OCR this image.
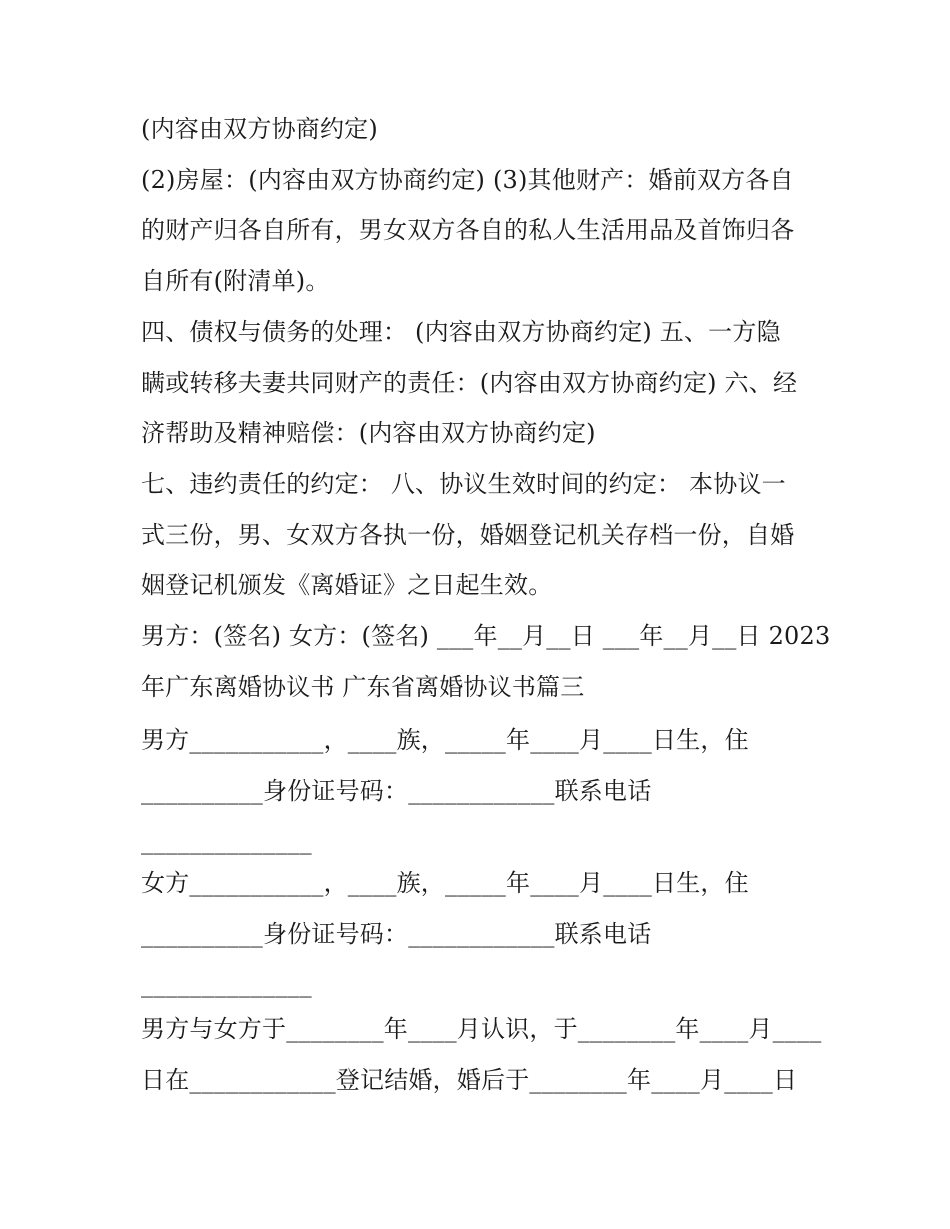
(内容由双方协商约定)
(2)房屋：(内容由双方协商约定) (3)其他财产：婚前双方各自
的财产归各自所有，男女双方各自的私人生活用品及首饰归各
自所有(附清单)。
四、债权与债务的处理： (内容由双方协商约定) 五、一方隐
瞒或转移夫妻共同财产的责任：(内容由双方协商约定) 六、经
济帮助及精神赔偿：(内容由双方协商约定)
七、违约责任的约定： 八、协议生效时间的约定： 本协议一
式三份，男、女双方各执一份，婚姻登记机关存档一份，自婚
姻登记机颁发《离婚证》之日起生效。
男方：(签名) 女方：(签名) ___年__月__日 ___年__月__日 2023
年广东离婚协议书 广东省离婚协议书篇三
男方___________，____族，_____年____月____日生，住
__________身份证号码：____________联系电话
______________
女方___________，____族，_____年____月____日生，住
__________身份证号码：____________联系电话
______________
男方与女方于________年____月认识，于________年____月____
日在____________登记结婚，婚后于________年____月____日
